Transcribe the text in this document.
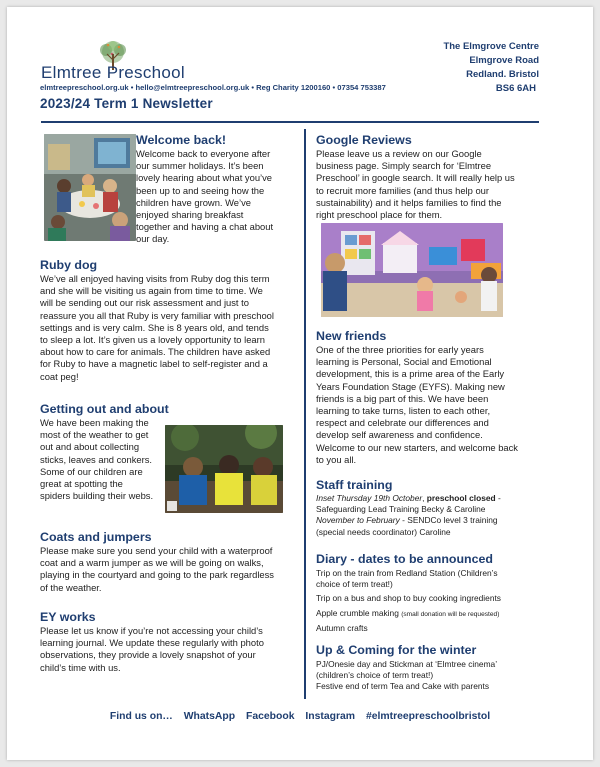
Elmtree Preschool
The Elmgrove Centre
Elmgrove Road
Redland. Bristol
elmtreepreschool.org.uk • hello@elmtreepreschool.org.uk • Reg Charity 1200160 • 07354 753387	BS6 6AH
2023/24 Term 1 Newsletter
Welcome back!

Welcome back to everyone after

our summer holidays. It’s been

lovely hearing about what you’ve

been up to and seeing how the

children have grown. We’ve

enjoyed sharing breakfast

together and having a chat about

our day.

Ruby dog

We’ve all enjoyed having visits from Ruby dog this term

and she will be visiting us again from time to time. We

will be sending out our risk assessment and just to

reassure you all that Ruby is very familiar with preschool

settings and is very calm. She is 8 years old, and tends

to sleep a lot. It’s given us a lovely opportunity to learn

about how to care for animals. The children have asked

for Ruby to have a magnetic label to self-register and a

coat peg!

Getting out and about

We have been making the

most of the weather to get

out and about collecting

sticks, leaves and conkers.

Some of our children are

great at spotting the

spiders building their webs.

Coats and jumpers

Please make sure you send your child with a waterproof

coat and a warm jumper as we will be going on walks,

playing in the courtyard and going to the park regardless

of the weather.

EY works

Please let us know if you’re not accessing your child’s

learning journal. We update these regularly with photo

observations, they provide a lovely snapshot of your

child’s time with us.

Google Reviews

Please leave us a review on our Google

business page. Simply search for ‘Elmtree

Preschool’ in google search. It will really help us

to recruit more families (and thus help our

sustainability) and it helps families to find the

right preschool place for them.

New friends

One of the three priorities for early years

learning is Personal, Social and Emotional

development, this is a prime area of the Early

Years Foundation Stage (EYFS). Making new

friends is a big part of this. We have been

learning to take turns, listen to each other,

respect and celebrate our differences and

develop self awareness and confidence.

Welcome to our new starters, and welcome back

to you all.

Staff training

Inset Thursday 19th October, preschool closed -

Safeguarding Lead Training Becky & Caroline

November to February - SENDCo level 3 training

(special needs coordinator) Caroline

Diary - dates to be announced

Trip on the train from Redland Station (Children’s

choice of term treat!)

Trip on a bus and shop to buy cooking ingredients

Apple crumble making (small donation will be requested)

Autumn crafts

Up & Coming for the winter

PJ/Onesie day and Stickman at ‘Elmtree cinema’

(children’s choice of term treat!)

Festive end of term Tea and Cake with parents

Find us on… WhatsApp Facebook Instagram #elmtreepreschoolbristol
